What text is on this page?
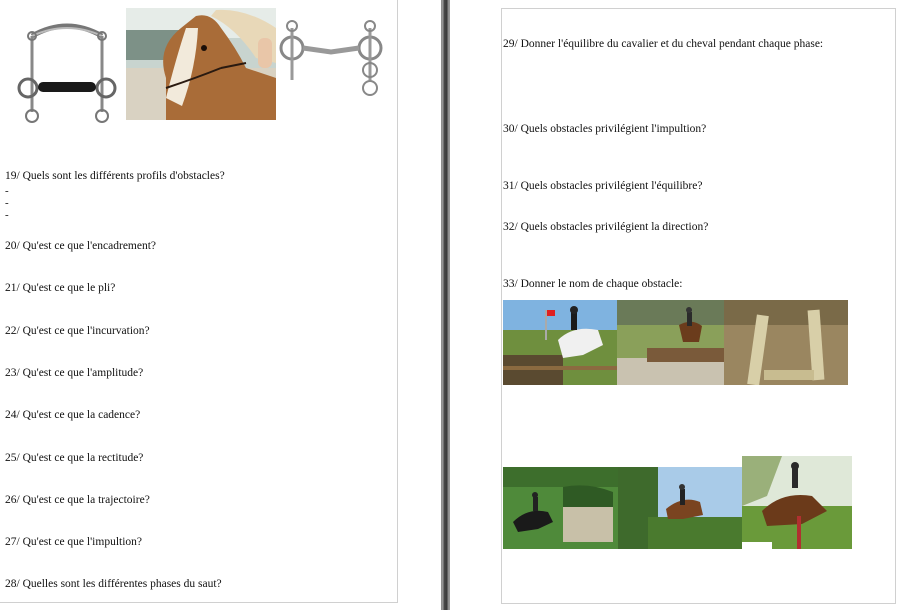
19/ Quels sont les différents profils d'obstacles?

-
-
-

20/ Qu'est ce que l'encadrement?

21/ Qu'est ce que le pli?

22/ Qu'est ce que l'incurvation?

23/ Qu'est ce que l'amplitude?

24/ Qu'est ce que la cadence?

25/ Qu'est ce que la rectitude?

26/ Qu'est ce que la trajectoire?

27/ Qu'est ce que l'impultion?

28/ Quelles sont les différentes phases du saut?

29/ Donner l'équilibre du cavalier et du cheval pendant chaque phase:

30/ Quels obstacles privilégient l'impultion?

31/ Quels obstacles privilégient l'équilibre?

32/ Quels obstacles privilégient la direction?

33/ Donner le nom de chaque obstacle:
